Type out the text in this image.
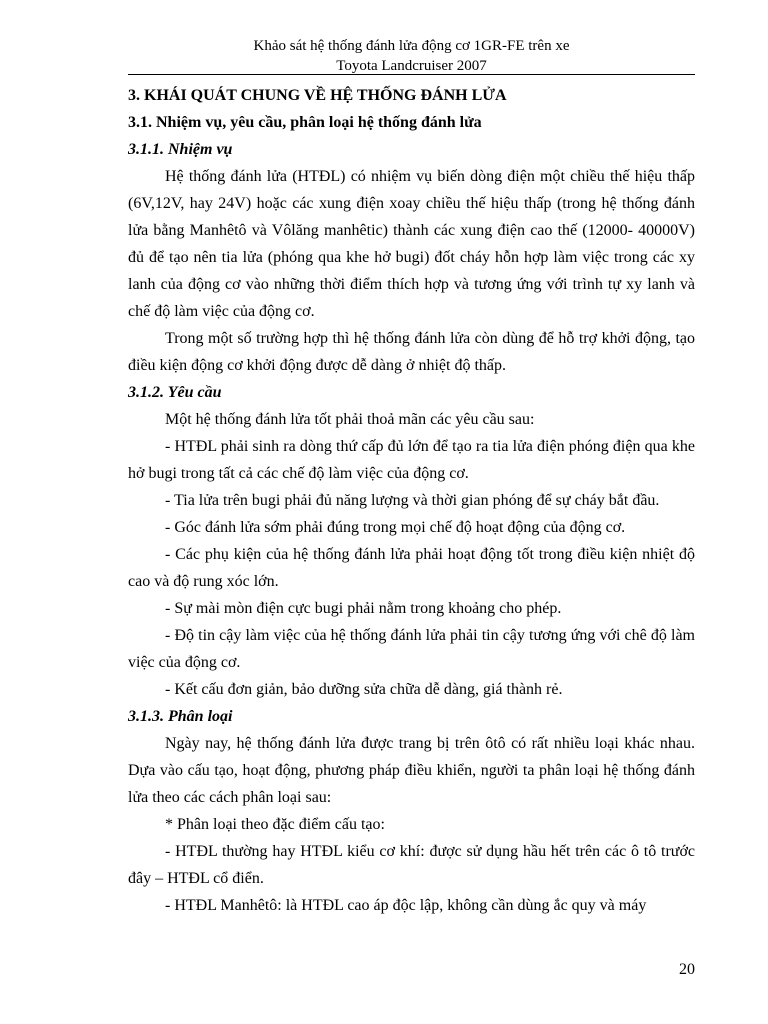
Khảo sát hệ thống đánh lửa động cơ 1GR-FE trên xe
Toyota Landcruiser 2007
3. KHÁI QUÁT CHUNG VỀ HỆ THỐNG ĐÁNH LỬA
3.1. Nhiệm vụ, yêu cầu, phân loại hệ thống đánh lửa
3.1.1. Nhiệm vụ
Hệ thống đánh lửa (HTĐL) có nhiệm vụ biến dòng điện một chiều thế hiệu thấp (6V,12V, hay 24V) hoặc các xung điện xoay chiều thế hiệu thấp (trong hệ thống đánh lửa bằng Manhêtô và Vôlăng manhêtic) thành các xung điện cao thế (12000- 40000V) đủ để tạo nên tia lửa (phóng qua khe hở bugi) đốt cháy hỗn hợp làm việc trong các xy lanh của động cơ vào những thời điểm thích hợp và tương ứng với trình tự xy lanh và chế độ làm việc của động cơ.
Trong một số trường hợp thì hệ thống đánh lửa còn dùng để hỗ trợ khởi động, tạo điều kiện động cơ khởi động được dễ dàng ở nhiệt độ thấp.
3.1.2. Yêu cầu
Một hệ thống đánh lửa tốt phải thoả mãn các yêu cầu sau:
- HTĐL phải sinh ra dòng thứ cấp đủ lớn để tạo ra tia lửa điện phóng điện qua khe hở bugi trong tất cả các chế độ làm việc của động cơ.
- Tia lửa trên bugi phải đủ năng lượng và thời gian phóng để sự cháy bắt đầu.
- Góc đánh lửa sớm phải đúng trong mọi chế độ hoạt động của động cơ.
- Các phụ kiện của hệ thống đánh lửa phải hoạt động tốt trong điều kiện nhiệt độ cao và độ rung xóc lớn.
- Sự mài mòn điện cực bugi phải nằm trong khoảng cho phép.
- Độ tin cậy làm việc của hệ thống đánh lửa phải tin cậy tương ứng với chê độ làm việc của động cơ.
- Kết cấu đơn giản, bảo dưỡng sửa chữa dễ dàng, giá thành rẻ.
3.1.3. Phân loại
Ngày nay, hệ thống đánh lửa được trang bị trên ôtô có rất nhiều loại khác nhau. Dựa vào cấu tạo, hoạt động, phương pháp điều khiển, người ta phân loại hệ thống đánh lửa theo các cách phân loại sau:
* Phân loại theo đặc điểm cấu tạo:
- HTĐL thường hay HTĐL kiểu cơ khí: được sử dụng hầu hết trên các ô tô trước đây – HTĐL cổ điển.
- HTĐL Manhêtô: là HTĐL cao áp độc lập, không cần dùng ắc quy và máy
20
